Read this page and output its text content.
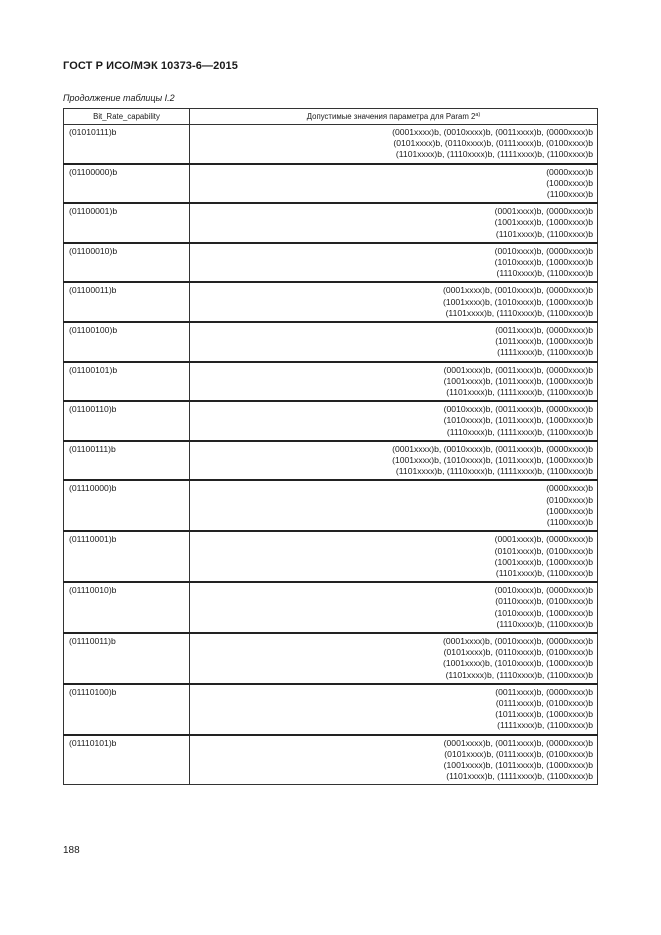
ГОСТ Р ИСО/МЭК 10373-6—2015
Продолжение таблицы I.2
Bit_Rate_capability	Допустимые значения параметра для Param 2$^{a)}$
(01010111)b	(0001xxxx)b, (0010xxxx)b, (0011xxxx)b, (0000xxxx)b
(0101xxxx)b, (0110xxxx)b, (0111xxxx)b, (0100xxxx)b
(1101xxxx)b, (1110xxxx)b, (1111xxxx)b, (1100xxxx)b

(01100000)b	(0000xxxx)b
(1000xxxx)b
(1100xxxx)b

(01100001)b	(0001xxxx)b, (0000xxxx)b
(1001xxxx)b, (1000xxxx)b
(1101xxxx)b, (1100xxxx)b

(01100010)b	(0010xxxx)b, (0000xxxx)b
(1010xxxx)b, (1000xxxx)b
(1110xxxx)b, (1100xxxx)b

(01100011)b	(0001xxxx)b, (0010xxxx)b, (0000xxxx)b
(1001xxxx)b, (1010xxxx)b, (1000xxxx)b
(1101xxxx)b, (1110xxxx)b, (1100xxxx)b

(01100100)b	(0011xxxx)b, (0000xxxx)b
(1011xxxx)b, (1000xxxx)b
(1111xxxx)b, (1100xxxx)b

(01100101)b	(0001xxxx)b, (0011xxxx)b, (0000xxxx)b
(1001xxxx)b, (1011xxxx)b, (1000xxxx)b
(1101xxxx)b, (1111xxxx)b, (1100xxxx)b

(01100110)b	(0010xxxx)b, (0011xxxx)b, (0000xxxx)b
(1010xxxx)b, (1011xxxx)b, (1000xxxx)b
(1110xxxx)b, (1111xxxx)b, (1100xxxx)b

(01100111)b	(0001xxxx)b, (0010xxxx)b, (0011xxxx)b, (0000xxxx)b
(1001xxxx)b, (1010xxxx)b, (1011xxxx)b, (1000xxxx)b
(1101xxxx)b, (1110xxxx)b, (1111xxxx)b, (1100xxxx)b

(01110000)b	(0000xxxx)b
(0100xxxx)b
(1000xxxx)b
(1100xxxx)b

(01110001)b	(0001xxxx)b, (0000xxxx)b
(0101xxxx)b, (0100xxxx)b
(1001xxxx)b, (1000xxxx)b
(1101xxxx)b, (1100xxxx)b

(01110010)b	(0010xxxx)b, (0000xxxx)b
(0110xxxx)b, (0100xxxx)b
(1010xxxx)b, (1000xxxx)b
(1110xxxx)b, (1100xxxx)b

(01110011)b	(0001xxxx)b, (0010xxxx)b, (0000xxxx)b
(0101xxxx)b, (0110xxxx)b, (0100xxxx)b
(1001xxxx)b, (1010xxxx)b, (1000xxxx)b
(1101xxxx)b, (1110xxxx)b, (1100xxxx)b

(01110100)b	(0011xxxx)b, (0000xxxx)b
(0111xxxx)b, (0100xxxx)b
(1011xxxx)b, (1000xxxx)b
(1111xxxx)b, (1100xxxx)b

(01110101)b	(0001xxxx)b, (0011xxxx)b, (0000xxxx)b
(0101xxxx)b, (0111xxxx)b, (0100xxxx)b
(1001xxxx)b, (1011xxxx)b, (1000xxxx)b
(1101xxxx)b, (1111xxxx)b, (1100xxxx)b
188
